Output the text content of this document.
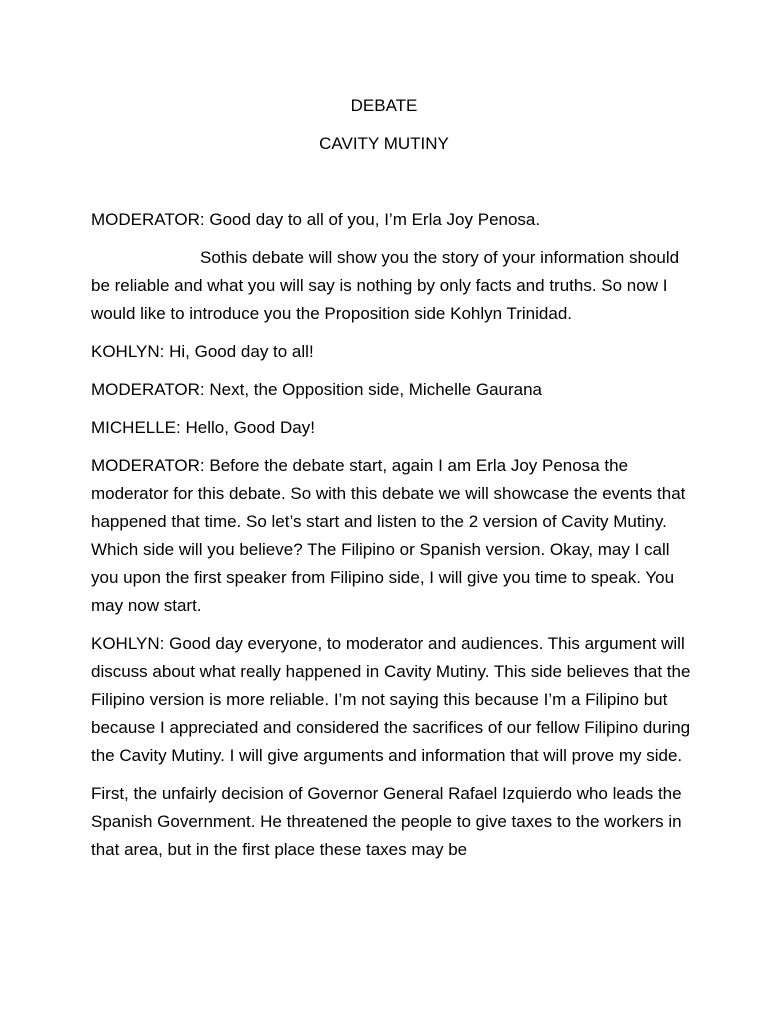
DEBATE
CAVITY MUTINY

MODERATOR: Good day to all of you, I’m Erla Joy Penosa.

Sothis debate will show you the story of your information should be reliable and what you will say is nothing by only facts and truths. So now I would like to introduce you the Proposition side Kohlyn Trinidad.

KOHLYN: Hi, Good day to all!

MODERATOR: Next, the Opposition side, Michelle Gaurana

MICHELLE: Hello, Good Day!

MODERATOR: Before the debate start, again I am Erla Joy Penosa the moderator for this debate. So with this debate we will showcase the events that happened that time. So let’s start and listen to the 2 version of Cavity Mutiny. Which side will you believe? The Filipino or Spanish version. Okay, may I call you upon the first speaker from Filipino side, I will give you time to speak. You may now start.

KOHLYN: Good day everyone, to moderator and audiences. This argument will discuss about what really happened in Cavity Mutiny. This side believes that the Filipino version is more reliable. I’m not saying this because I’m a Filipino but because I appreciated and considered the sacrifices of our fellow Filipino during the Cavity Mutiny. I will give arguments and information that will prove my side.

First, the unfairly decision of Governor General Rafael Izquierdo who leads the Spanish Government. He threatened the people to give taxes to the workers in that area, but in the first place these taxes may be
